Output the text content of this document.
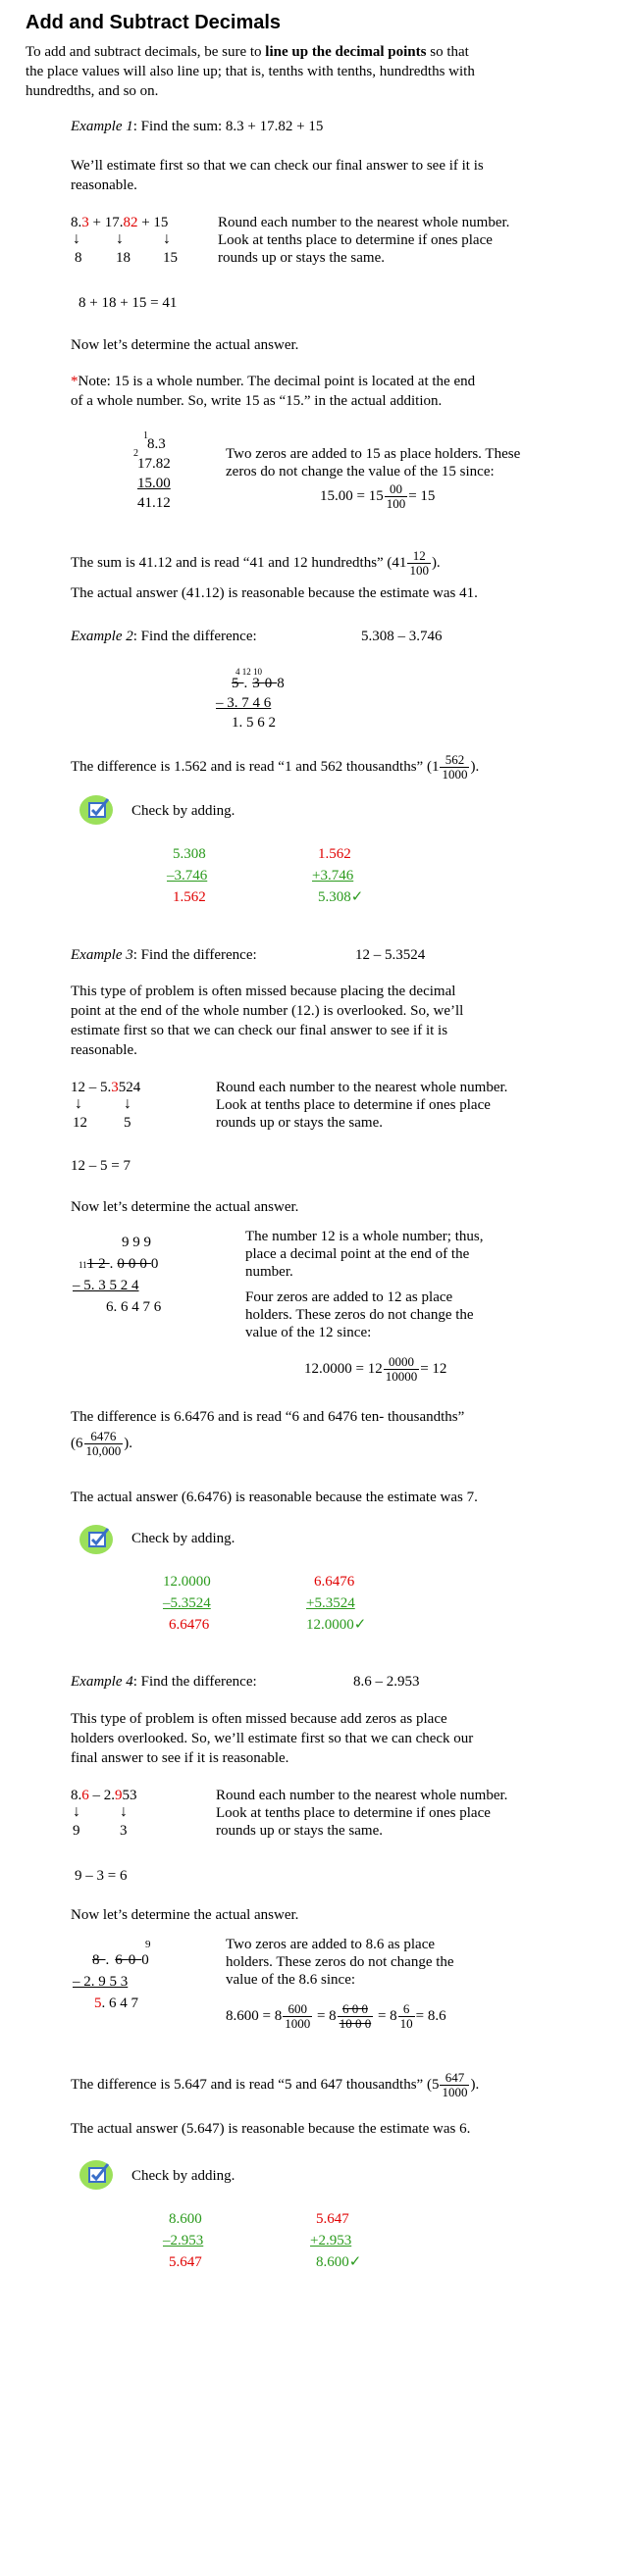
Add and Subtract Decimals
To add and subtract decimals, be sure to line up the decimal points so that
the place values will also line up; that is, tenths with tenths, hundredths with
hundredths, and so on.
Example 1: Find the sum: 8.3 + 17.82 + 15
We’ll estimate first so that we can check our final answer to see if it is
reasonable.
8.3 + 17.82 + 15
↓ ↓	↓
8 18 15
Round each number to the nearest whole number.
Look at tenths place to determine if ones place
rounds up or stays the same.
8 + 18 + 15 = 41
Now let’s determine the actual answer.
*Note: 15 is a whole number. The decimal point is located at the end
of a whole number. So, write 15 as “15.” in the actual addition.
1
2
8.3
17.82
15.00
41.12
Two zeros are added to 15 as place holders. These
zeros do not change the value of the 15 since:
$15.00 = 15 \frac{00}{100} = 15$
The sum is 41.12 and is read “41 and 12 hundredths” ($41 \frac{12}{100}$ ).
The actual answer (41.12) is reasonable because the estimate was 41.
Example 2: Find the difference:	5.308 – 3.746
4 12 10
5.308
– 3. 7 4 6
1. 5 6 2
The difference is 1.562 and is read “1 and 562 thousandths” ($1 \frac{562}{1000}$ ).
Check by adding.
5.308
–3.746
1.562
1.562
+3.746
5.308✓
Example 3: Find the difference:	12 – 5.3524
This type of problem is often missed because placing the decimal
point at the end of the whole number (12.) is overlooked. So, we’ll
estimate first so that we can check our final answer to see if it is
reasonable.
12 – 5.3524
↓	↓
12 5
Round each number to the nearest whole number.
Look at tenths place to determine if ones place
rounds up or stays the same.
12 – 5 = 7
Now let’s determine the actual answer.
9 9 9
1112.0000
– 5. 3 5 2 4
6. 6 4 7 6
The number 12 is a whole number; thus,
place a decimal point at the end of the
number.
Four zeros are added to 12 as place
holders. These zeros do not change the
value of the 12 since:
$12.0000 = 12 \frac{0000}{10000} = 12$
The difference is 6.6476 and is read “6 and 6476 ten- thousandths”
($6 \frac{6476}{10,000}$ ).
The actual answer (6.6476) is reasonable because the estimate was 7.
Check by adding.
12.0000
–5.3524
6.6476
6.6476
+5.3524
12.0000✓
Example 4: Find the difference:	8.6 – 2.953
This type of problem is often missed because add zeros as place
holders overlooked. So, we’ll estimate first so that we can check our
final answer to see if it is reasonable.
8.6 – 2.953
↓	↓
9	3
Round each number to the nearest whole number.
Look at tenths place to determine if ones place
rounds up or stays the same.
9 – 3 = 6
Now let’s determine the actual answer.
9
8.600
– 2. 9 5 3
5. 6 4 7
Two zeros are added to 8.6 as place
holders. These zeros do not change the
value of the 8.6 since:
$8.600 = 8 \frac{600}{1000} = 8 \frac{6 0 0}{10 0 0} = 8 \frac{6}{10} = 8.6$
The difference is 5.647 and is read “5 and 647 thousandths” ($5 \frac{647}{1000}$ ).
The actual answer (5.647) is reasonable because the estimate was 6.
Check by adding.
8.600
–2.953
5.647
5.647
+2.953
8.600✓
